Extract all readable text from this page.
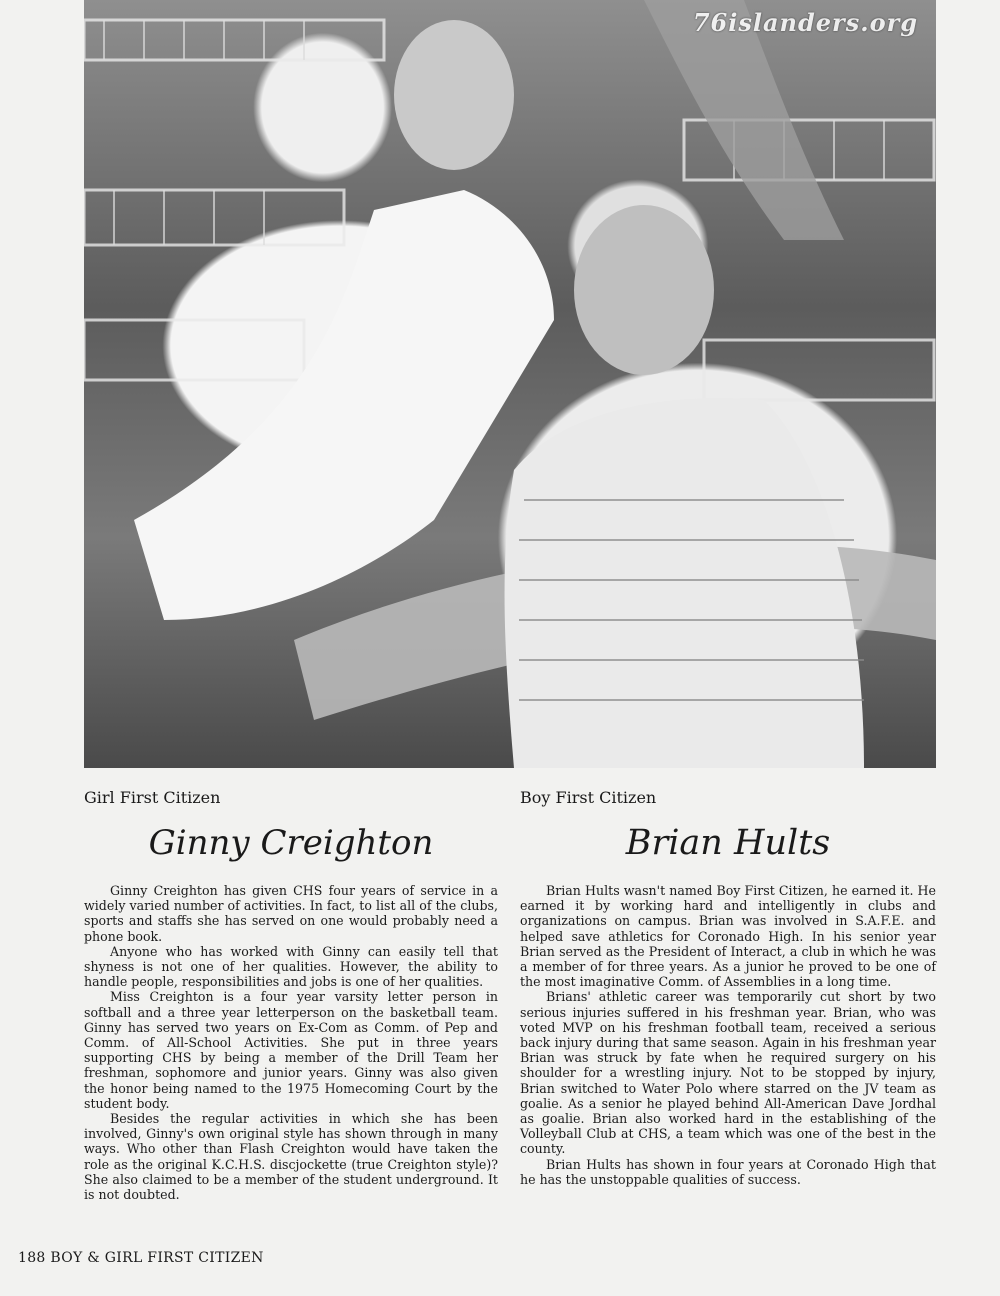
76islanders.org
Girl First Citizen
Ginny Creighton

Ginny Creighton has given CHS four years of service in a widely varied number of activities. In fact, to list all of the clubs, sports and staffs she has served on one would probably need a phone book.

Anyone who has worked with Ginny can easily tell that shyness is not one of her qualities. However, the ability to handle people, responsibilities and jobs is one of her qualities.

Miss Creighton is a four year varsity letter person in softball and a three year letterperson on the basketball team. Ginny has served two years on Ex-Com as Comm. of Pep and Comm. of All-School Activities. She put in three years supporting CHS by being a member of the Drill Team her freshman, sophomore and junior years. Ginny was also given the honor being named to the 1975 Homecoming Court by the student body.

Besides the regular activities in which she has been involved, Ginny's own original style has shown through in many ways. Who other than Flash Creighton would have taken the role as the original K.C.H.S. discjockette (true Creighton style)? She also claimed to be a member of the student underground. It is not doubted.

Boy First Citizen
Brian Hults

Brian Hults wasn't named Boy First Citizen, he earned it. He earned it by working hard and intelligently in clubs and organizations on campus. Brian was involved in S.A.F.E. and helped save athletics for Coronado High. In his senior year Brian served as the President of Interact, a club in which he was a member of for three years. As a junior he proved to be one of the most imaginative Comm. of Assemblies in a long time.

Brians' athletic career was temporarily cut short by two serious injuries suffered in his freshman year. Brian, who was voted MVP on his freshman football team, received a serious back injury during that same season. Again in his freshman year Brian was struck by fate when he required surgery on his shoulder for a wrestling injury. Not to be stopped by injury, Brian switched to Water Polo where starred on the JV team as goalie. As a senior he played behind All-American Dave Jordhal as goalie. Brian also worked hard in the establishing of the Volleyball Club at CHS, a team which was one of the best in the county.

Brian Hults has shown in four years at Coronado High that he has the unstoppable qualities of success.

188 BOY & GIRL FIRST CITIZEN
